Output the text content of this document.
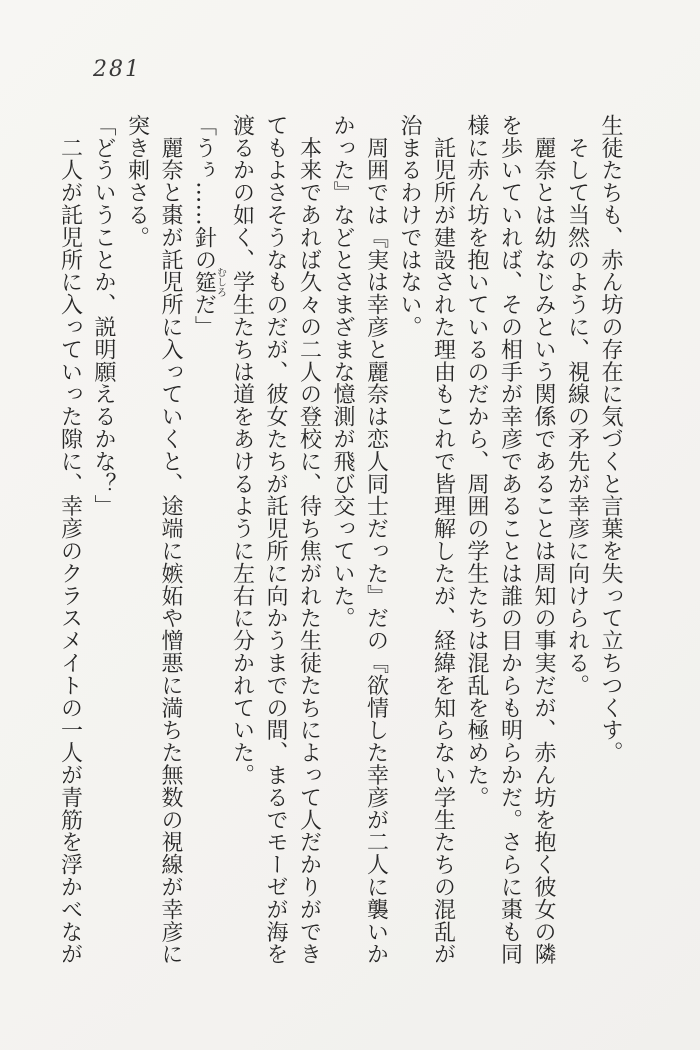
281
生徒たちも、赤ん坊の存在に気づくと言葉を失って立ちつくす。
　そして当然のように、視線の矛先が幸彦に向けられる。
　麗奈とは幼なじみという関係であることは周知の事実だが、赤ん坊を抱く彼女の隣
を歩いていれば、その相手が幸彦であることは誰の目からも明らかだ。さらに棗も同
様に赤ん坊を抱いているのだから、周囲の学生たちは混乱を極めた。
　託児所が建設された理由もこれで皆理解したが、経緯を知らない学生たちの混乱が
治まるわけではない。
　周囲では『実は幸彦と麗奈は恋人同士だった』だの『欲情した幸彦が二人に襲いか
かった』などとさまざまな憶測が飛び交っていた。
　本来であれば久々の二人の登校に、待ち焦がれた生徒たちによって人だかりができ
てもよさそうなものだが、彼女たちが託児所に向かうまでの間、まるでモーゼが海を
渡るかの如く、学生たちは道をあけるように左右に分かれていた。
「うぅ……針の筵むしろだ」
　麗奈と棗が託児所に入っていくと、途端に嫉妬や憎悪に満ちた無数の視線が幸彦に
突き刺さる。
「どういうことか、説明願えるかな？」
　二人が託児所に入っていった隙に、幸彦のクラスメイトの一人が青筋を浮かべなが
